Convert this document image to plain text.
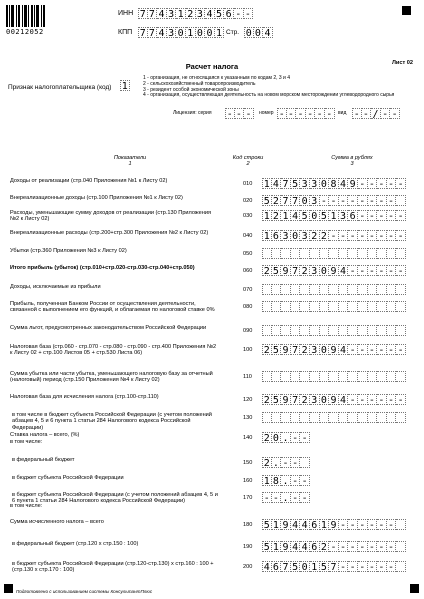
00212052
ИНН 7 7 4 3 1 2 3 4 5 6 - -
КПП 7 7 4 3 0 1 0 0 1 Стр. 0 0 4
Лист 02
Расчет налога
Признак налогоплательщика (код) 1
1 - организация, не относящаяся к указанным по кодам 2, 3 и 4
2 - сельскохозяйственный товаропроизводитель
3 - резидент особой экономической зоны
4 - организация, осуществляющая деятельность на новом морском месторождении углеводородного сырья
Лицензия: серия - - -	номер - - - - - -	вид - - / - -
Показатели
1
Код строки
2
Сумма в рублях
3
Доходы от реализации (стр.040 Приложения №1 к Листу 02)	010 1 4 7 5 3 3 0 8 4 9 - - - - -
Внереализационные доходы (стр.100 Приложения №1 к Листу 02)	020 5 2 7 7 0 3 - - - - - - - -
Расходы, уменьшающие сумму доходов от реализации (стр.130 Приложения №2 к Листу 02)
030 1 2 1 4 5 0 5 1 3 6 - - - - -
Внереализационные расходы (стр.200+стр.300 Приложения №2 к Листу 02)	040 1 6 3 0 3 2 2 - - - - - - - -
Убытки (стр.360 Приложения №3 к Листу 02)	050
Итого прибыль (убыток) (стр.010+стр.020-стр.030-стр.040+стр.050)	060 2 5 9 7 2 3 0 9 4 - - - - - -
Доходы, исключаемые из прибыли	070
Прибыль, полученная Банком России от осуществления деятельности, связанной с выполнением его функций, и облагаемая по налоговой ставке 0%
080
Сумма льгот, предусмотренных законодательством Российской Федерации	090
Налоговая база (стр.060 - стр.070 - стр.080 - стр.090 - стр.400 Приложения №2 к Листу 02 + стр.100 Листов 05 + стр.530 Листа 06)
100 2 5 9 7 2 3 0 9 4 - - - - - -
Сумма убытка или части убытка, уменьшающего налоговую базу за отчетный (налоговый) период (стр.150 Приложения №4 к Листу 02)
110
Налоговая база для исчисления налога (стр.100-стр.110)	120 2 5 9 7 2 3 0 9 4 - - - - - -
в том числе в бюджет субъекта Российской Федерации (с учетом положений абзацев 4, 5 и 6 пункта 1 статьи 284 Налогового кодекса Российской Федерации)
130
Ставка налога – всего, (%)	140 2 0 . - -
в федеральный бюджет	150 2 . - -
в бюджет субъекта Российской Федерации	160 1 8 . - -
в бюджет субъекта Российской Федерации (с учетом положений абзацев 4, 5 и 6 пункта 1 статьи 284 Налогового кодекса Российской Федерации)
170 - - . - -
Сумма исчисленного налога – всего	180 5 1 9 4 4 6 1 9 - - - - - -
в федеральный бюджет (стр.120 x стр.150 : 100)	190 5 1 9 4 4 6 2 - - - - - - -
в бюджет субъекта Российской Федерации (стр.120-стр.130) x стр.160 : 100 + (стр.130 x стр.170 : 100)
200 4 6 7 5 0 1 5 7 - - - - - -
в том числе:
в том числе:
Подготовлено с использованием системы КонсультантПлюс
